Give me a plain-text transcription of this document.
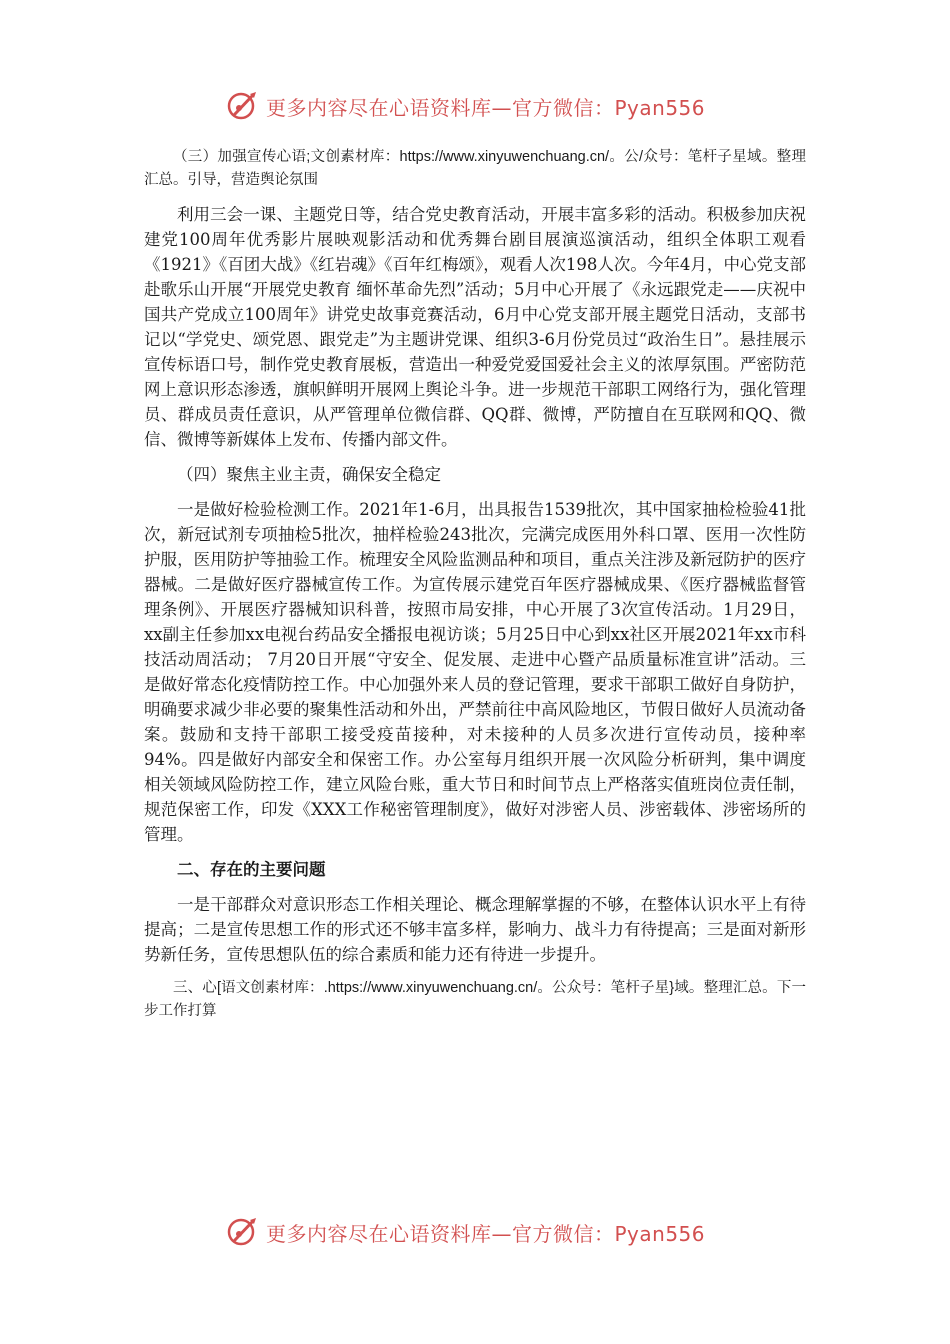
更多内容尽在心语资料库—官方微信：Pyan556

（三）加强宣传心语;文创素材库：https://www.xinyuwenchuang.cn/。公/众号：笔杆子星域。整理汇总。引导，营造舆论氛围

利用三会一课、主题党日等，结合党史教育活动，开展丰富多彩的活动。积极参加庆祝建党100周年优秀影片展映观影活动和优秀舞台剧目展演巡演活动，组织全体职工观看《1921》《百团大战》《红岩魂》《百年红梅颂》，观看人次198人次。今年4月，中心党支部赴歌乐山开展“开展党史教育 缅怀革命先烈”活动；5月中心开展了《永远跟党走——庆祝中国共产党成立100周年》讲党史故事竞赛活动，6月中心党支部开展主题党日活动，支部书记以“学党史、颂党恩、跟党走”为主题讲党课、组织3-6月份党员过“政治生日”。悬挂展示宣传标语口号，制作党史教育展板，营造出一种爱党爱国爱社会主义的浓厚氛围。严密防范网上意识形态渗透，旗帜鲜明开展网上舆论斗争。进一步规范干部职工网络行为，强化管理员、群成员责任意识，从严管理单位微信群、QQ群、微博，严防擅自在互联网和QQ、微信、微博等新媒体上发布、传播内部文件。

（四）聚焦主业主责，确保安全稳定

一是做好检验检测工作。2021年1-6月，出具报告1539批次，其中国家抽检检验41批次，新冠试剂专项抽检5批次，抽样检验243批次，完满完成医用外科口罩、医用一次性防护服，医用防护等抽验工作。梳理安全风险监测品种和项目，重点关注涉及新冠防护的医疗器械。二是做好医疗器械宣传工作。为宣传展示建党百年医疗器械成果、《医疗器械监督管理条例》、开展医疗器械知识科普，按照市局安排，中心开展了3次宣传活动。1月29日，xx副主任参加xx电视台药品安全播报电视访谈；5月25日中心到xx社区开展2021年xx市科技活动周活动； 7月20日开展“守安全、促发展、走进中心暨产品质量标准宣讲”活动。三是做好常态化疫情防控工作。中心加强外来人员的登记管理，要求干部职工做好自身防护，明确要求减少非必要的聚集性活动和外出，严禁前往中高风险地区，节假日做好人员流动备案。鼓励和支持干部职工接受疫苗接种，对未接种的人员多次进行宣传动员，接种率94%。四是做好内部安全和保密工作。办公室每月组织开展一次风险分析研判，集中调度相关领域风险防控工作，建立风险台账，重大节日和时间节点上严格落实值班岗位责任制，规范保密工作，印发《XXX工作秘密管理制度》，做好对涉密人员、涉密载体、涉密场所的管理。

二、存在的主要问题

一是干部群众对意识形态工作相关理论、概念理解掌握的不够，在整体认识水平上有待提高；二是宣传思想工作的形式还不够丰富多样，影响力、战斗力有待提高；三是面对新形势新任务，宣传思想队伍的综合素质和能力还有待进一步提升。

三、心[语文创素材库：.https://www.xinyuwenchuang.cn/。公众号：笔杆子星}域。整理汇总。下一步工作打算

更多内容尽在心语资料库—官方微信：Pyan556
